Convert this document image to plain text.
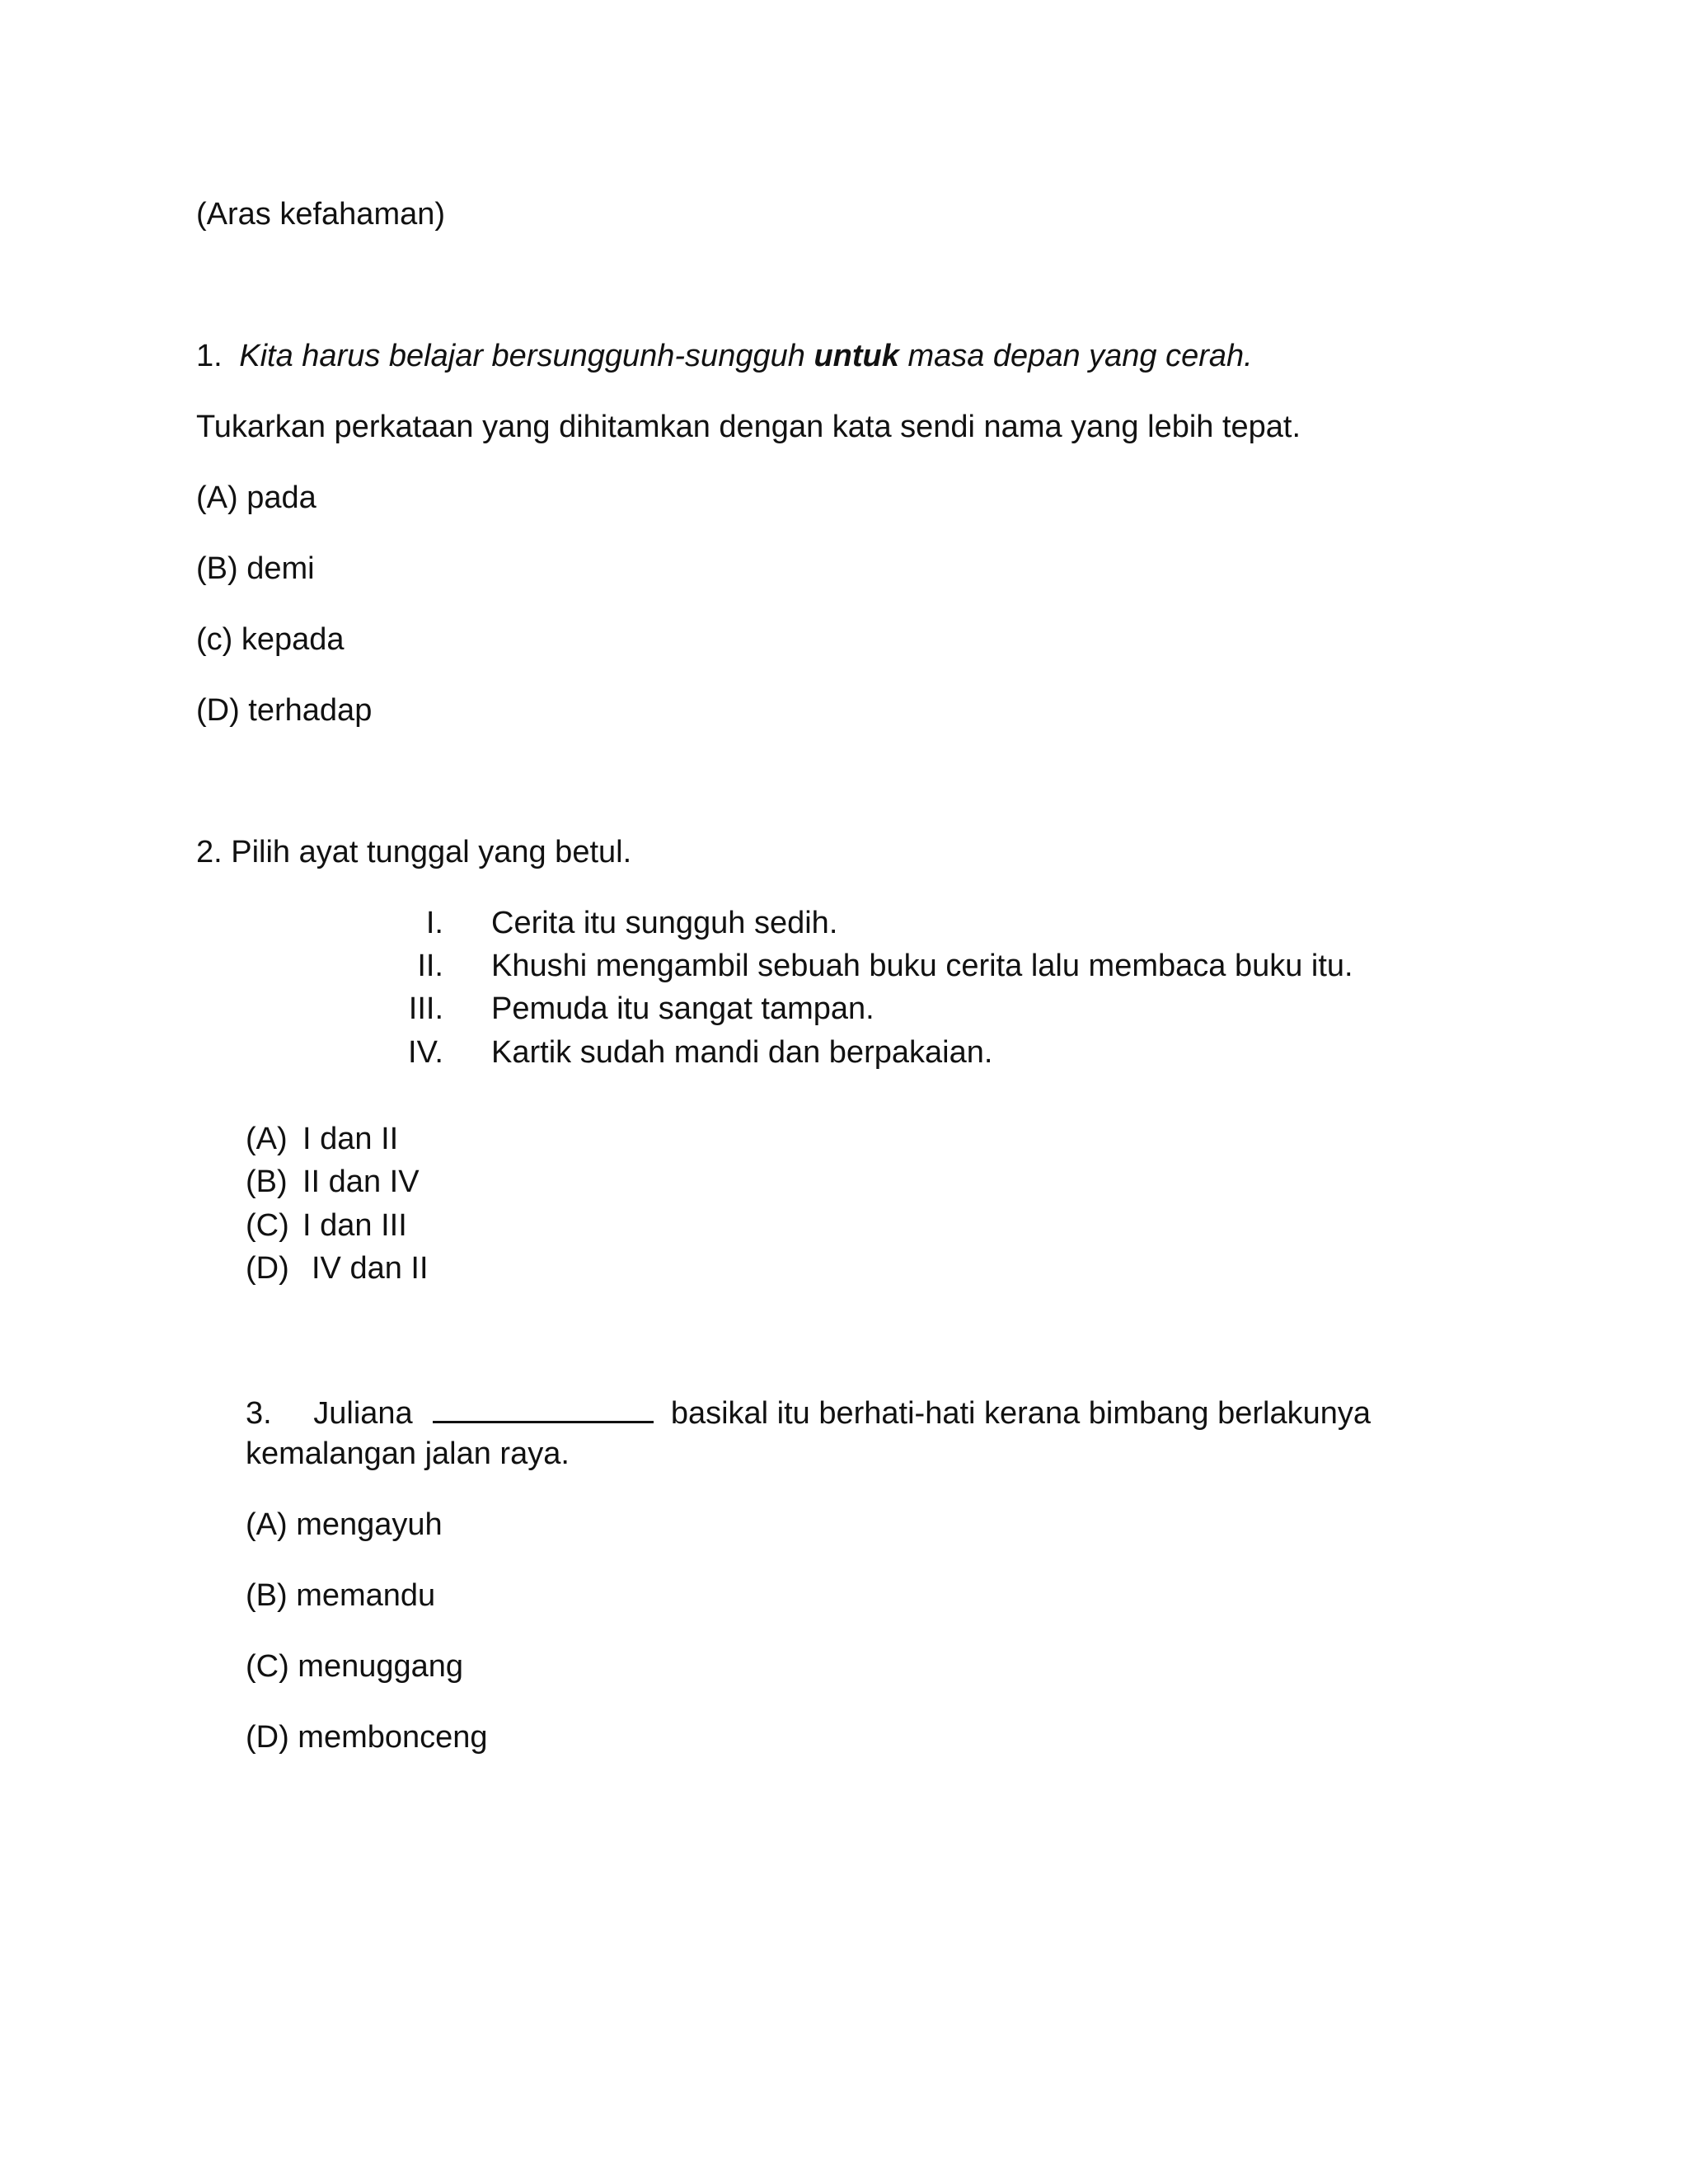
(Aras kefahaman)
1. Kita harus belajar bersunggunh-sungguh untuk masa depan yang cerah.
Tukarkan perkataan yang dihitamkan dengan kata sendi nama yang lebih tepat.
(A) pada
(B) demi
(c) kepada
(D) terhadap
2. Pilih ayat tunggal yang betul.
I. Cerita itu sungguh sedih.
II. Khushi mengambil sebuah buku cerita lalu membaca buku itu.
III. Pemuda itu sangat tampan.
IV. Kartik sudah mandi dan berpakaian.
(A) I dan II
(B) II dan IV
(C) I dan III
(D) IV dan II
3. Juliana	basikal itu berhati-hati kerana bimbang berlakunya
kemalangan jalan raya.
(A) mengayuh
(B) memandu
(C) menuggang
(D) membonceng
